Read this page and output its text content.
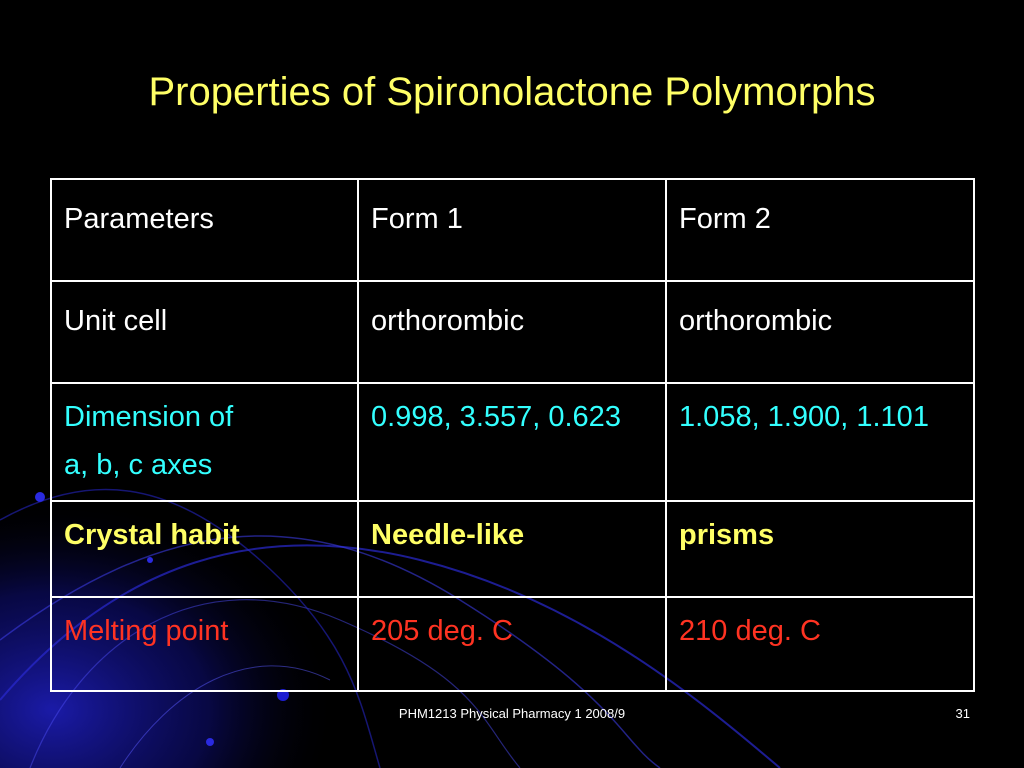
Properties of Spironolactone Polymorphs
Parameters	Form 1	Form 2
Unit cell	orthorombic	orthorombic

Dimension of
a, b, c axes	0.998, 3.557, 0.623	1.058, 1.900, 1.101
Crystal habit	Needle-like	prisms
Melting point	205 deg. C	210 deg. C
PHM1213 Physical Pharmacy 1 2008/9	31
